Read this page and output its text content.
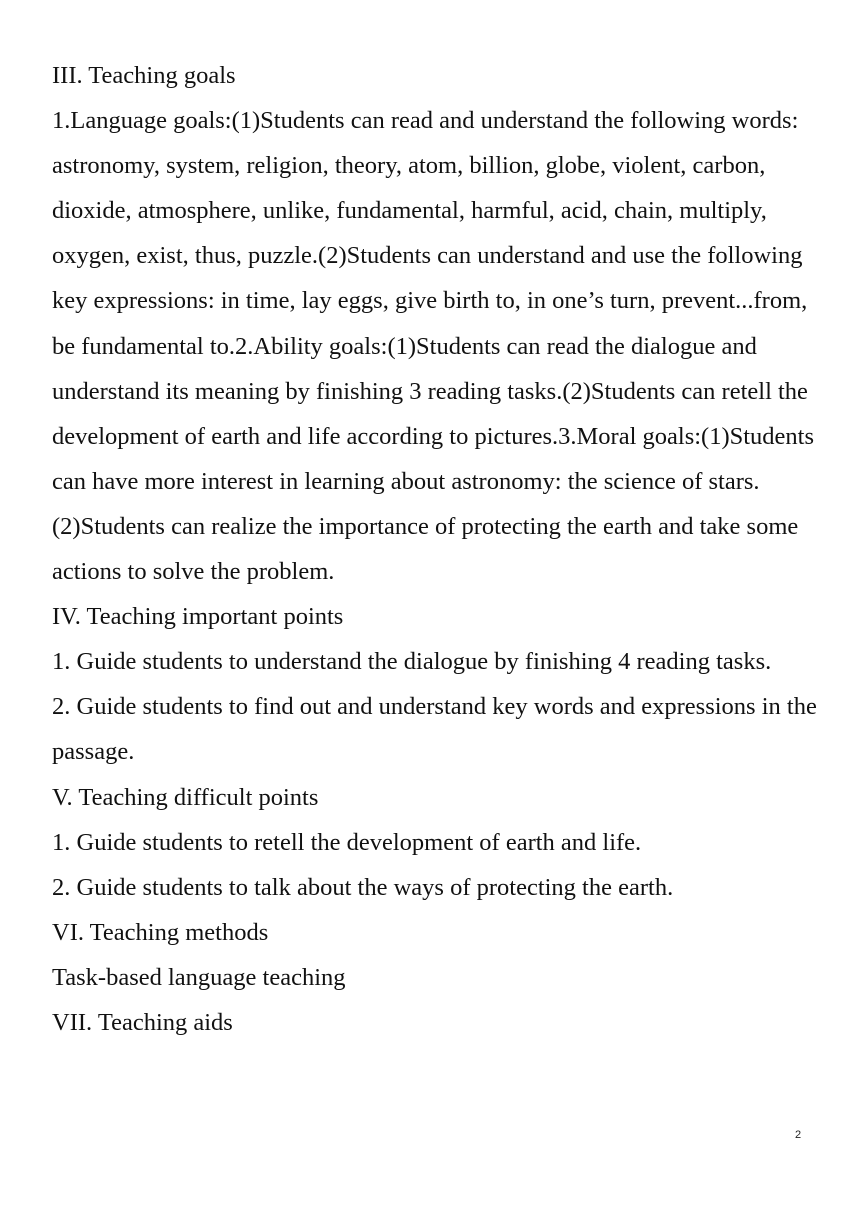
III. Teaching goals

1.Language goals:(1)Students can read and understand the following words: astronomy, system, religion, theory, atom, billion, globe, violent, carbon, dioxide, atmosphere, unlike, fundamental, harmful, acid, chain, multiply, oxygen, exist, thus, puzzle.(2)Students can understand and use the following key expressions: in time, lay eggs, give birth to, in one’s turn, prevent...from, be fundamental to.2.Ability goals:(1)Students can read the dialogue and understand its meaning by finishing 3 reading tasks.(2)Students can retell the development of earth and life according to pictures.3.Moral goals:(1)Students can have more interest in learning about astronomy: the science of stars.(2)Students can realize the importance of protecting the earth and take some actions to solve the problem.

IV. Teaching important points

1. Guide students to understand the dialogue by finishing 4 reading tasks.

2. Guide students to find out and understand key words and expressions in the passage.

V. Teaching difficult points

1. Guide students to retell the development of earth and life.

2. Guide students to talk about the ways of protecting the earth.

VI. Teaching methods

Task-based language teaching

VII. Teaching aids

2
